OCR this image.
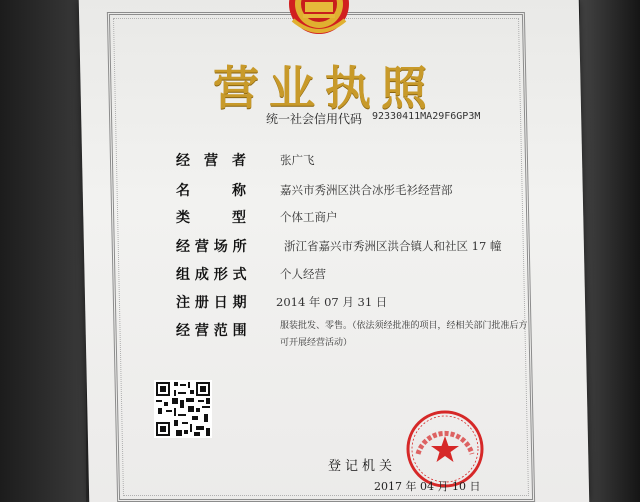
营业执照
统一社会信用代码 92330411MA29F6GP3M
经　营　者	张广飞
名　　　称	嘉兴市秀洲区洪合冰彤毛衫经营部
类　　　型	个体工商户
经 营 场 所	浙江省嘉兴市秀洲区洪合镇人和社区 17 幢
组 成 形 式	个人经营
注 册 日 期	2014 年 07 月 31 日
经 营 范 围	服装批发、零售。（依法须经批准的项目，经相关部门批准后方可开展经营活动）
登记机关
2017 年 04 月 10 日
